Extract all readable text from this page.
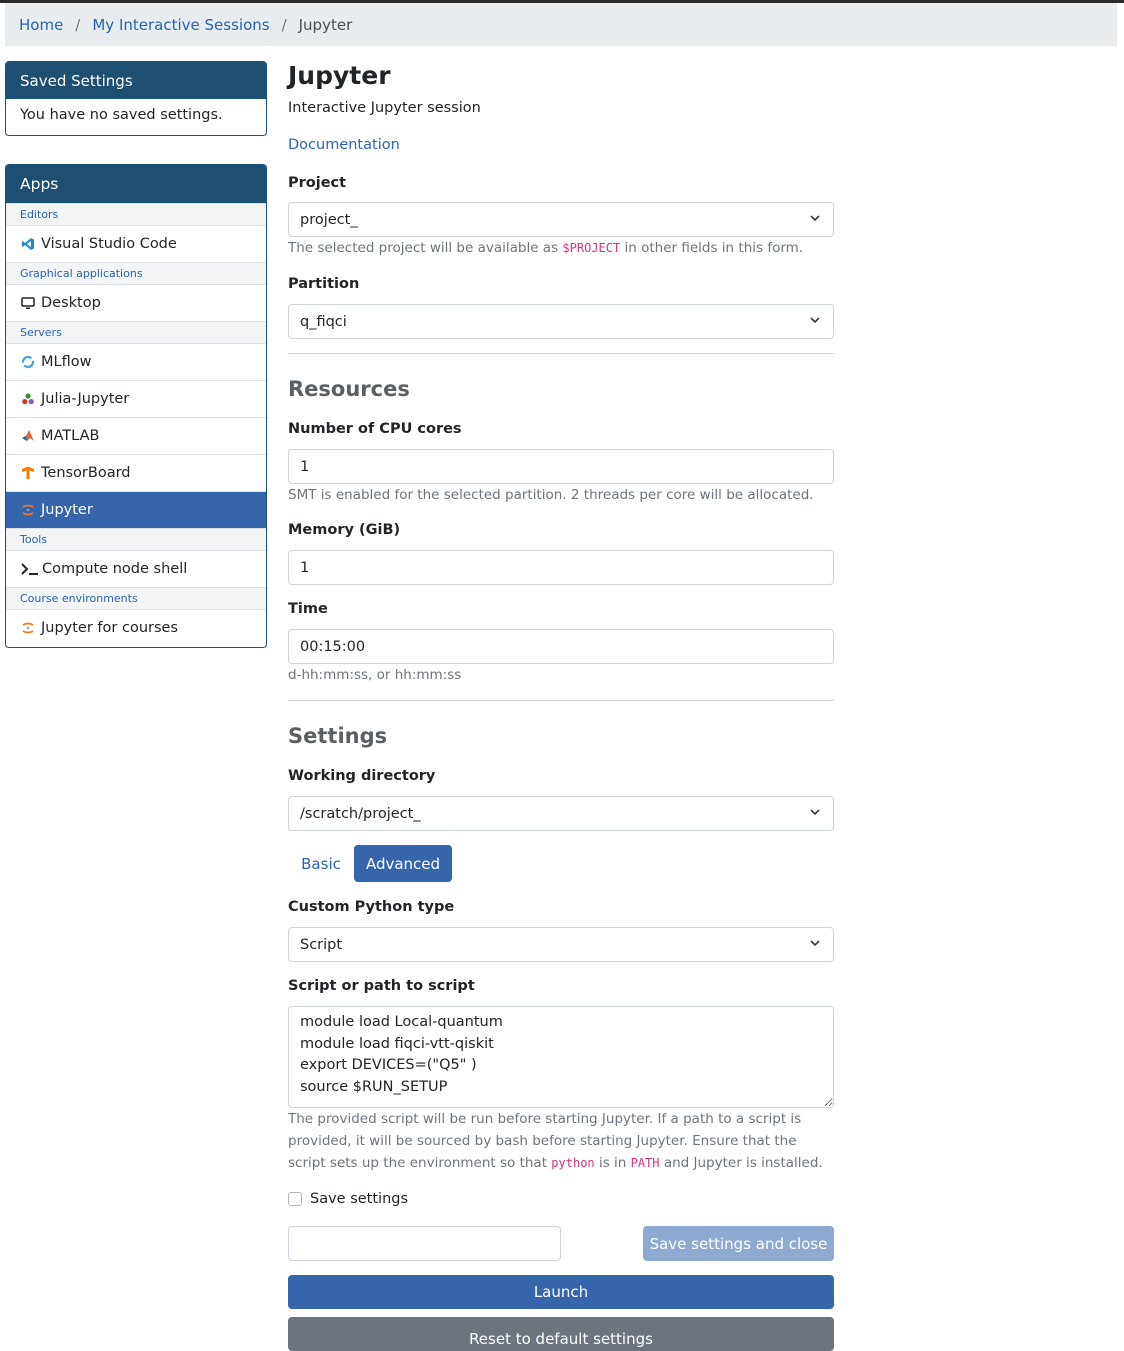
Home / My Interactive Sessions / Jupyter
Saved Settings
You have no saved settings.
Apps
Editors
Visual Studio Code
Graphical applications
Desktop
Servers
MLflow
Julia-Jupyter
MATLAB
TensorBoard
Jupyter
Tools
Compute node shell
Course environments
Jupyter for courses
Jupyter
Interactive Jupyter session
Documentation
Project
project_
The selected project will be available as $PROJECT in other fields in this form.
Partition
q_fiqci
Resources
Number of CPU cores
1
SMT is enabled for the selected partition. 2 threads per core will be allocated.
Memory (GiB)
1
Time
00:15:00
d-hh:mm:ss, or hh:mm:ss
Settings
Working directory
/scratch/project_
Basic	Advanced
Custom Python type
Script
Script or path to script
module load Local-quantum module load fiqci-vtt-qiskit export DEVICES=("Q5" ) source $RUN_SETUP
The provided script will be run before starting Jupyter. If a path to a script is provided, it will be sourced by bash before starting Jupyter. Ensure that the script sets up the environment so that python is in PATH and Jupyter is installed.
Save settings
Save settings and close
Launch
Reset to default settings
